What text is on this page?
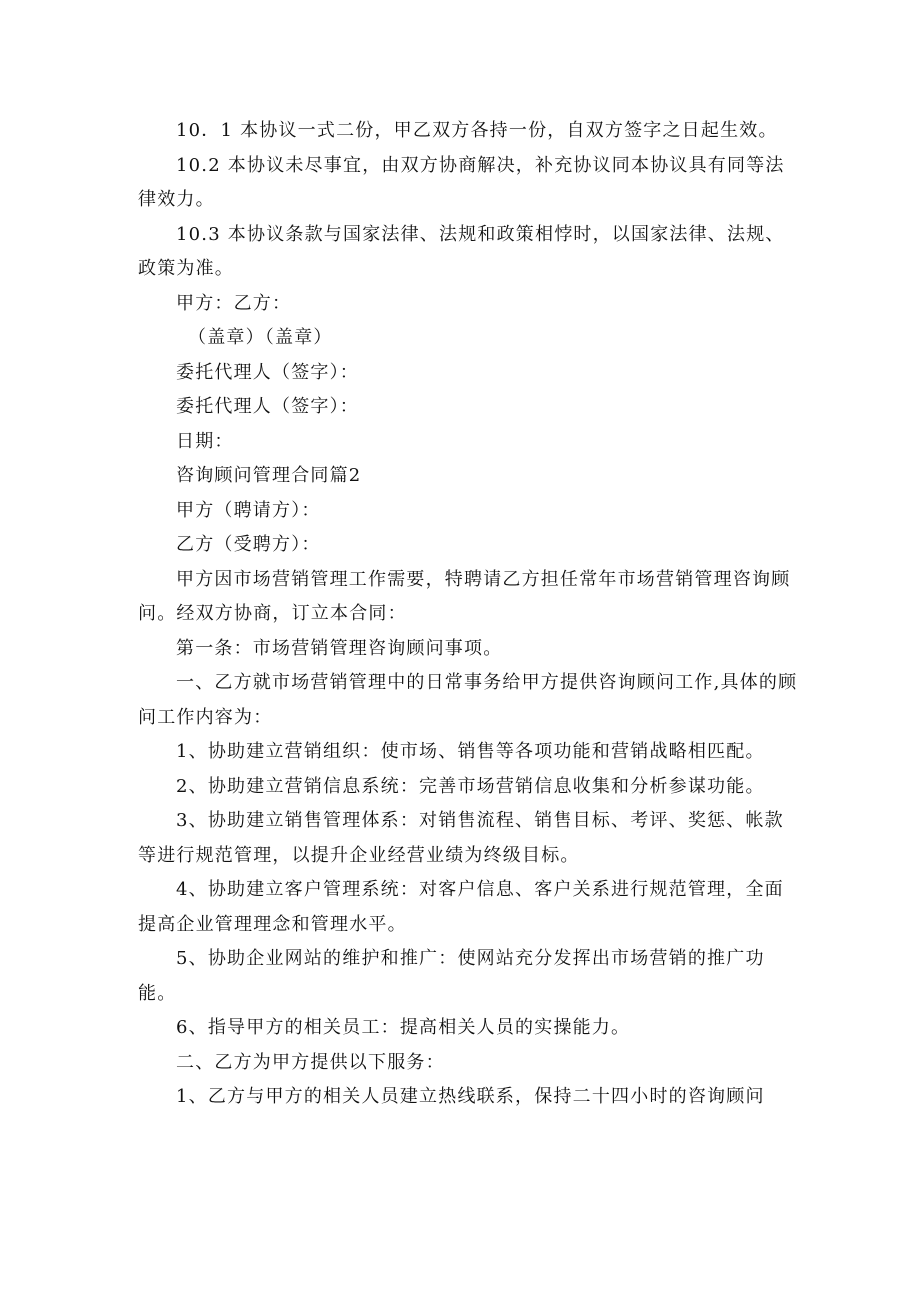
10．1 本协议一式二份，甲乙双方各持一份，自双方签字之日起生效。

10.2 本协议未尽事宜，由双方协商解决，补充协议同本协议具有同等法律效力。

10.3 本协议条款与国家法律、法规和政策相悖时，以国家法律、法规、政策为准。

甲方：乙方：

（盖章）（盖章）

委托代理人（签字）：

委托代理人（签字）：

日期：

咨询顾问管理合同篇2

甲方（聘请方）：

乙方（受聘方）：

甲方因市场营销管理工作需要，特聘请乙方担任常年市场营销管理咨询顾问。经双方协商，订立本合同：

第一条：市场营销管理咨询顾问事项。

一、乙方就市场营销管理中的日常事务给甲方提供咨询顾问工作,具体的顾问工作内容为：

1、协助建立营销组织：使市场、销售等各项功能和营销战略相匹配。

2、协助建立营销信息系统：完善市场营销信息收集和分析参谋功能。

3、协助建立销售管理体系：对销售流程、销售目标、考评、奖惩、帐款等进行规范管理，以提升企业经营业绩为终级目标。

4、协助建立客户管理系统：对客户信息、客户关系进行规范管理，全面提高企业管理理念和管理水平。

5、协助企业网站的维护和推广：使网站充分发挥出市场营销的推广功能。

6、指导甲方的相关员工：提高相关人员的实操能力。

二、乙方为甲方提供以下服务：

1、乙方与甲方的相关人员建立热线联系，保持二十四小时的咨询顾问
